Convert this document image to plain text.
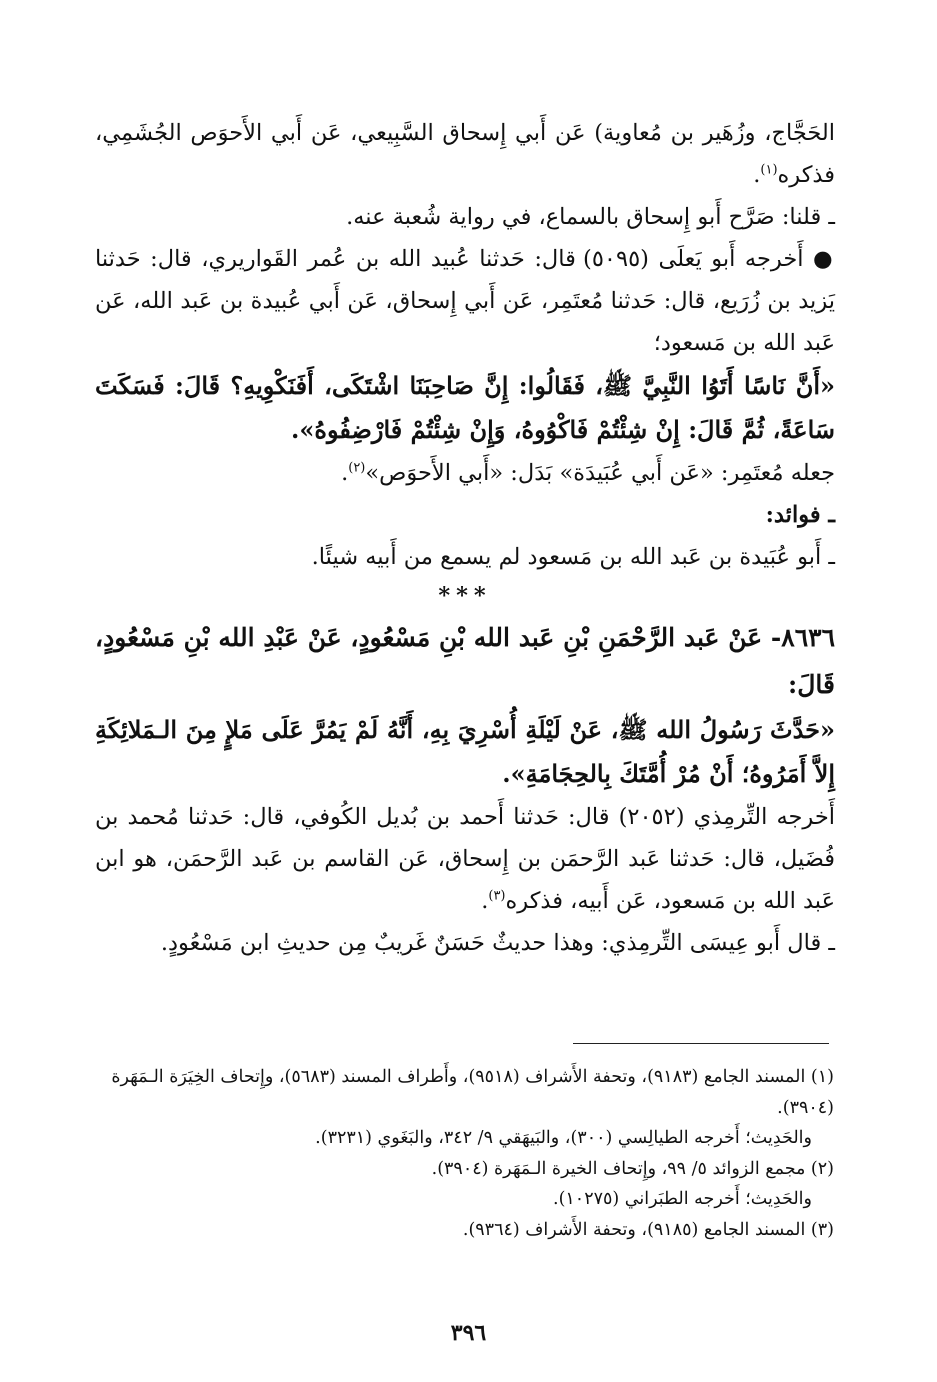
الحَجَّاج، وزُهَير بن مُعاوية) عَن أَبي إِسحاق السَّبِيعي، عَن أَبي الأَحوَص الجُشَمِي، فذكره$^{(١)}$.

ـ قلنا: صَرَّح أَبو إِسحاق بالسماع، في رواية شُعبة عنه.

● أَخرجه أَبو يَعلَى (٥٠٩٥) قال: حَدثنا عُبيد الله بن عُمر القَواريري، قال: حَدثنا يَزيد بن زُرَيع، قال: حَدثنا مُعتَمِر، عَن أَبي إِسحاق، عَن أَبي عُبيدة بن عَبد الله، عَن عَبد الله بن مَسعود؛

«أَنَّ نَاسًا أَتَوُا النَّبِيَّ ﷺ، فَقَالُوا: إِنَّ صَاحِبَنَا اشْتَكَى، أَفَنَكْوِيهِ؟ قَالَ: فَسَكَتَ سَاعَةً، ثُمَّ قَالَ: إِنْ شِئْتُمْ فَاكْوُوهُ، وَإِنْ شِئْتُمْ فَارْضِفُوهُ».

جعله مُعتَمِر: «عَن أَبي عُبَيدَة» بَدَل: «أَبي الأَحوَص»$^{(٢)}$.

ـ فوائد:

ـ أَبو عُبَيدة بن عَبد الله بن مَسعود لم يسمع من أَبيه شيئًا.

***

٨٦٣٦- عَنْ عَبد الرَّحْمَنِ بْنِ عَبد الله بْنِ مَسْعُودٍ، عَنْ عَبْدِ الله بْنِ مَسْعُودٍ، قَالَ:

«حَدَّثَ رَسُولُ الله ﷺ، عَنْ لَيْلَةِ أُسْرِيَ بِهِ، أَنَّهُ لَمْ يَمُرَّ عَلَى مَلإٍ مِنَ الـمَلائِكَةِ إِلاَّ أَمَرُوهُ؛ أَنْ مُرْ أُمَّتَكَ بِالحِجَامَةِ».

أَخرجه التِّرمِذي (٢٠٥٢) قال: حَدثنا أَحمد بن بُديل الكُوفي، قال: حَدثنا مُحمد بن فُضَيل، قال: حَدثنا عَبد الرَّحمَن بن إِسحاق، عَن القاسم بن عَبد الرَّحمَن، هو ابن عَبد الله بن مَسعود، عَن أَبيه، فذكره$^{(٣)}$.

ـ قال أَبو عِيسَى التِّرمِذي: وهذا حديثٌ حَسَنٌ غَريبٌ مِن حديثِ ابن مَسْعُودٍ.

(١) المسند الجامع (٩١٨٣)، وتحفة الأَشراف (٩٥١٨)، وأَطراف المسند (٥٦٨٣)، وإِتحاف الخِيَرَة الـمَهَرة (٣٩٠٤).

والحَدِيث؛ أَخرجه الطيالِسي (٣٠٠)، والبَيهَقي ٩/ ٣٤٢، والبَغَوي (٣٢٣١).

(٢) مجمع الزوائد ٥/ ٩٩، وإِتحاف الخيرة الـمَهَرة (٣٩٠٤).

والحَدِيث؛ أَخرجه الطبَراني (١٠٢٧٥).

(٣) المسند الجامع (٩١٨٥)، وتحفة الأَشراف (٩٣٦٤).

٣٩٦
